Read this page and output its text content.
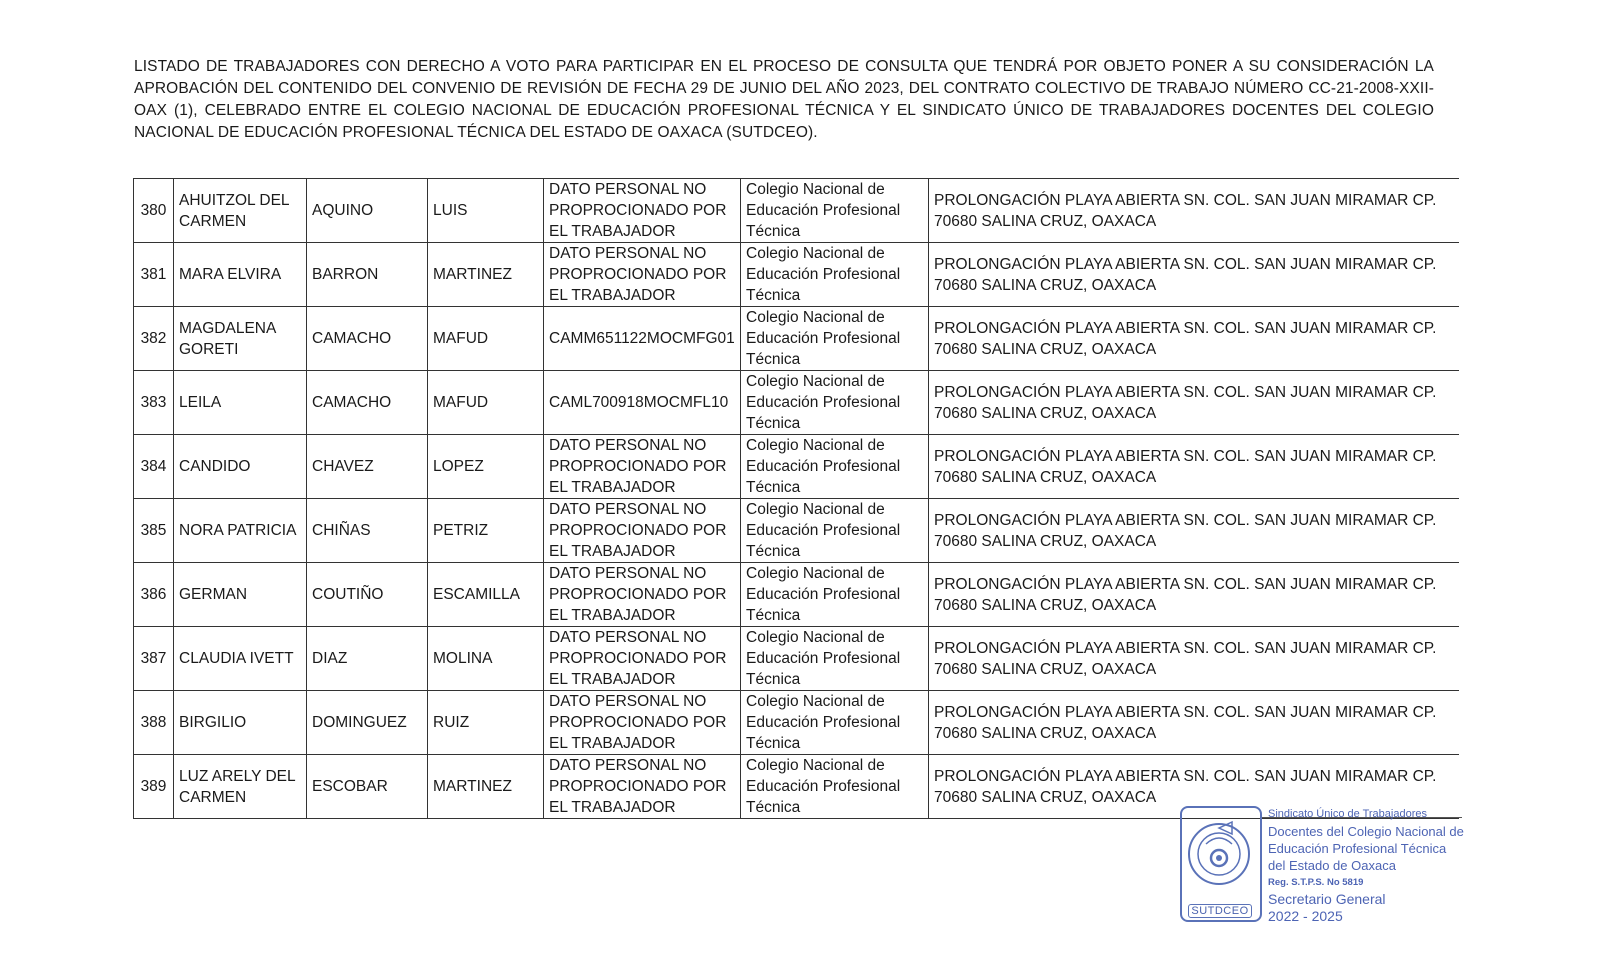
LISTADO DE TRABAJADORES CON DERECHO A VOTO PARA PARTICIPAR EN EL PROCESO DE CONSULTA QUE TENDRÁ POR OBJETO PONER A SU CONSIDERACIÓN LA APROBACIÓN DEL CONTENIDO DEL CONVENIO DE REVISIÓN DE FECHA 29 DE JUNIO DEL AÑO 2023, DEL CONTRATO COLECTIVO DE TRABAJO NÚMERO CC-21-2008-XXII-OAX (1), CELEBRADO ENTRE EL COLEGIO NACIONAL DE EDUCACIÓN PROFESIONAL TÉCNICA Y EL SINDICATO ÚNICO DE TRABAJADORES DOCENTES DEL COLEGIO NACIONAL DE EDUCACIÓN PROFESIONAL TÉCNICA DEL ESTADO DE OAXACA (SUTDCEO).
380	AHUITZOL DEL CARMEN	AQUINO	LUIS	DATO PERSONAL NO PROPROCIONADO POR EL TRABAJADOR	Colegio Nacional de Educación Profesional Técnica	PROLONGACIÓN PLAYA ABIERTA SN. COL. SAN JUAN MIRAMAR CP. 70680 SALINA CRUZ, OAXACA
381	MARA ELVIRA	BARRON	MARTINEZ	DATO PERSONAL NO PROPROCIONADO POR EL TRABAJADOR	Colegio Nacional de Educación Profesional Técnica	PROLONGACIÓN PLAYA ABIERTA SN. COL. SAN JUAN MIRAMAR CP. 70680 SALINA CRUZ, OAXACA
382	MAGDALENA GORETI	CAMACHO	MAFUD	CAMM651122MOCMFG01	Colegio Nacional de Educación Profesional Técnica	PROLONGACIÓN PLAYA ABIERTA SN. COL. SAN JUAN MIRAMAR CP. 70680 SALINA CRUZ, OAXACA
383	LEILA	CAMACHO	MAFUD	CAML700918MOCMFL10	Colegio Nacional de Educación Profesional Técnica	PROLONGACIÓN PLAYA ABIERTA SN. COL. SAN JUAN MIRAMAR CP. 70680 SALINA CRUZ, OAXACA
384	CANDIDO	CHAVEZ	LOPEZ	DATO PERSONAL NO PROPROCIONADO POR EL TRABAJADOR	Colegio Nacional de Educación Profesional Técnica	PROLONGACIÓN PLAYA ABIERTA SN. COL. SAN JUAN MIRAMAR CP. 70680 SALINA CRUZ, OAXACA
385	NORA PATRICIA	CHIÑAS	PETRIZ	DATO PERSONAL NO PROPROCIONADO POR EL TRABAJADOR	Colegio Nacional de Educación Profesional Técnica	PROLONGACIÓN PLAYA ABIERTA SN. COL. SAN JUAN MIRAMAR CP. 70680 SALINA CRUZ, OAXACA
386	GERMAN	COUTIÑO	ESCAMILLA	DATO PERSONAL NO PROPROCIONADO POR EL TRABAJADOR	Colegio Nacional de Educación Profesional Técnica	PROLONGACIÓN PLAYA ABIERTA SN. COL. SAN JUAN MIRAMAR CP. 70680 SALINA CRUZ, OAXACA
387	CLAUDIA IVETT	DIAZ	MOLINA	DATO PERSONAL NO PROPROCIONADO POR EL TRABAJADOR	Colegio Nacional de Educación Profesional Técnica	PROLONGACIÓN PLAYA ABIERTA SN. COL. SAN JUAN MIRAMAR CP. 70680 SALINA CRUZ, OAXACA
388	BIRGILIO	DOMINGUEZ	RUIZ	DATO PERSONAL NO PROPROCIONADO POR EL TRABAJADOR	Colegio Nacional de Educación Profesional Técnica	PROLONGACIÓN PLAYA ABIERTA SN. COL. SAN JUAN MIRAMAR CP. 70680 SALINA CRUZ, OAXACA
389	LUZ ARELY DEL CARMEN	ESCOBAR	MARTINEZ	DATO PERSONAL NO PROPROCIONADO POR EL TRABAJADOR	Colegio Nacional de Educación Profesional Técnica	PROLONGACIÓN PLAYA ABIERTA SN. COL. SAN JUAN MIRAMAR CP. 70680 SALINA CRUZ, OAXACA
SUTDCEO
Sindicato Único de Trabajadores
Docentes del Colegio Nacional de
Educación Profesional Técnica
del Estado de Oaxaca
Reg. S.T.P.S. No 5819
Secretario General
2022 - 2025
